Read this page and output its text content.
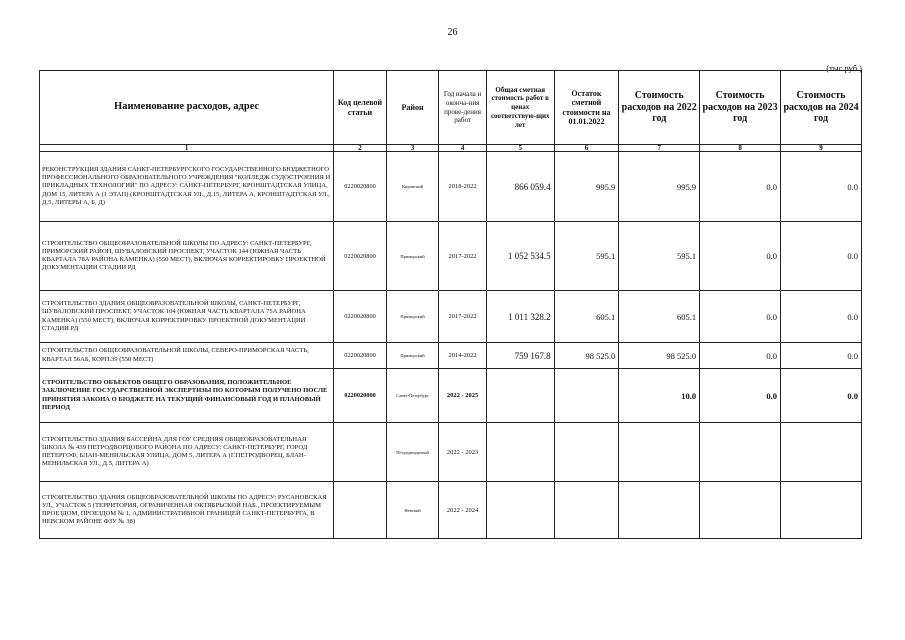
26
(тыс.руб.)
Наименование расходов, адрес	Код целевой статьи	Район	Год начала и оконча-ния прове-дения работ	Общая сметная стоимость работ в ценах соответствую-щих лет	Остаток сметной стоимости на 01.01.2022	Стоимость расходов на 2022 год	Стоимость расходов на 2023 год	Стоимость расходов на 2024 год
1	2	3	4	5	6	7	8	9
РЕКОНСТРУКЦИЯ ЗДАНИЯ САНКТ-ПЕТЕРБУРГСКОГО ГОСУДАРСТВЕННОГО БЮДЖЕТНОГО ПРОФЕССИОНАЛЬНОГО ОБРАЗОВАТЕЛЬНОГО УЧРЕЖДЕНИЯ "КОЛЛЕДЖ СУДОСТРОЕНИЯ И ПРИКЛАДНЫХ ТЕХНОЛОГИЙ" ПО АДРЕСУ: САНКТ-ПЕТЕРБУРГ, КРОНШТАДТСКАЯ УЛИЦА, ДОМ 15, ЛИТЕРА А (1 ЭТАП) (КРОНШТАДТСКАЯ УЛ., Д.15, ЛИТЕРА А, КРОНШТАДТСКАЯ УЛ., Д.5, ЛИТЕРЫ А, Б, Д)	0220020800	Кировский	2018-2022	866 059.4	995.9	995.9	0.0	0.0
СТРОИТЕЛЬСТВО ОБЩЕОБРАЗОВАТЕЛЬНОЙ ШКОЛЫ ПО АДРЕСУ: САНКТ-ПЕТЕРБУРГ, ПРИМОРСКИЙ РАЙОН, ШУВАЛОВСКИЙ ПРОСПЕКТ, УЧАСТОК 144 (ЮЖНАЯ ЧАСТЬ КВАРТАЛА 78А РАЙОНА КАМЕНКА) (550 МЕСТ), ВКЛЮЧАЯ КОРРЕКТИРОВКУ ПРОЕКТНОЙ ДОКУМЕНТАЦИИ СТАДИИ РД	0220020800	Приморский	2017-2022	1 052 534.5	595.1	595.1	0.0	0.0
СТРОИТЕЛЬСТВО ЗДАНИЯ ОБЩЕОБРАЗОВАТЕЛЬНОЙ ШКОЛЫ, САНКТ-ПЕТЕРБУРГ, ШУВАЛОВСКИЙ ПРОСПЕКТ, УЧАСТОК 104 (ЮЖНАЯ ЧАСТЬ КВАРТАЛА 75А РАЙОНА КАМЕНКА) (550 МЕСТ), ВКЛЮЧАЯ КОРРЕКТИРОВКУ ПРОЕКТНОЙ ДОКУМЕНТАЦИИ СТАДИИ РД	0220020800	Приморский	2017-2022	1 011 328.2	605.1	605.1	0.0	0.0
СТРОИТЕЛЬСТВО ОБЩЕОБРАЗОВАТЕЛЬНОЙ ШКОЛЫ, СЕВЕРО-ПРИМОРСКАЯ ЧАСТЬ, КВАРТАЛ 56АБ, КОРП.39 (550 МЕСТ)	0220020800	Приморский	2014-2022	759 167.8	98 525.0	98 525.0	0.0	0.0
СТРОИТЕЛЬСТВО ОБЪЕКТОВ ОБЩЕГО ОБРАЗОВАНИЯ, ПОЛОЖИТЕЛЬНОЕ ЗАКЛЮЧЕНИЕ ГОСУДАРСТВЕННОЙ ЭКСПЕРТИЗЫ ПО КОТОРЫМ ПОЛУЧЕНО ПОСЛЕ ПРИНЯТИЯ ЗАКОНА О БЮДЖЕТЕ НА ТЕКУЩИЙ ФИНАНСОВЫЙ ГОД И ПЛАНОВЫЙ ПЕРИОД	0220020800	Санкт-Петербург	2022 - 2025			10.0	0.0	0.0
СТРОИТЕЛЬСТВО ЗДАНИЯ БАССЕЙНА ДЛЯ ГОУ СРЕДНЯЯ ОБЩЕОБРАЗОВАТЕЛЬНАЯ ШКОЛА № 439 ПЕТРОДВОРЦОВОГО РАЙОНА ПО АДРЕСУ: САНКТ-ПЕТЕРБУРГ, ГОРОД ПЕТЕРГОФ, БЛАН-МЕНИЛЬСКАЯ УЛИЦА, ДОМ 5, ЛИТЕРА А (Г.ПЕТРОДВОРЕЦ, БЛАН-МЕНИЛЬСКАЯ УЛ., Д.5, ЛИТЕРА А)		Петродворцовый	2022 - 2023					
СТРОИТЕЛЬСТВО ЗДАНИЯ ОБЩЕОБРАЗОВАТЕЛЬНОЙ ШКОЛЫ ПО АДРЕСУ: РУСАНОВСКАЯ УЛ., УЧАСТОК 5 (ТЕРРИТОРИЯ, ОГРАНИЧЕННАЯ ОКТЯБРЬСКОЙ НАБ., ПРОЕКТИРУЕМЫМ ПРОЕЗДОМ, ПРОЕЗДОМ № 1, АДМИНИСТРАТИВНОЙ ГРАНИЦЕЙ САНКТ-ПЕТЕРБУРГА, В НЕВСКОМ РАЙОНЕ ФЗУ № 38)		Невский	2022 - 2024					
